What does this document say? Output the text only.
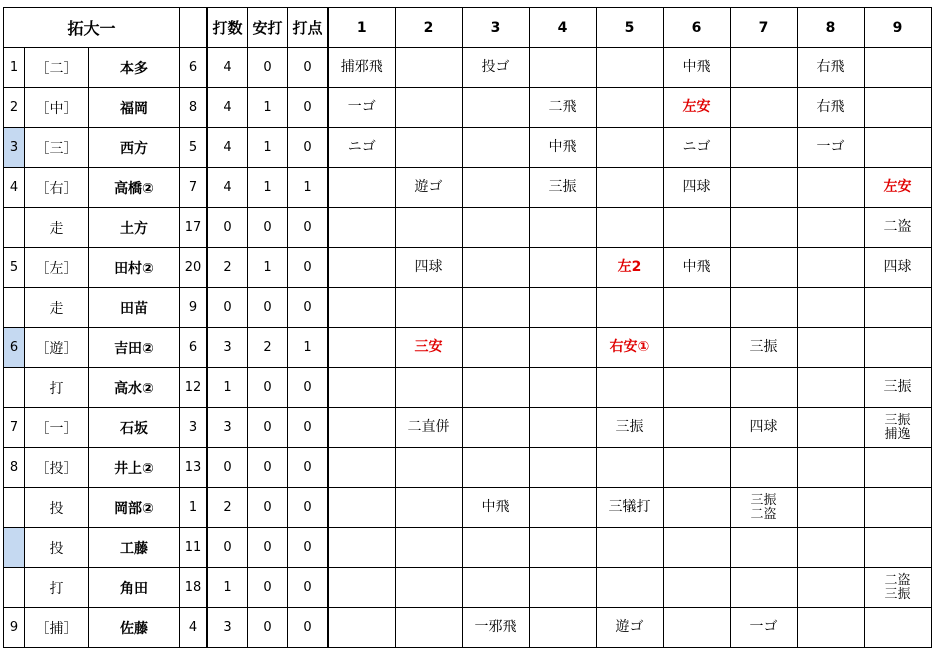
拓大一				打数	安打	打点	1	2	3	4	5	6	7	8	9
1	［二］	本多	6	4	0	0	捕邪飛		投ゴ			中飛		右飛	

2	［中］	福岡	8	4	1	0	一ゴ			二飛		左安		右飛	

3	［三］	西方	5	4	1	0	ニゴ			中飛		ニゴ		一ゴ	

4	［右］	高橋②	7	4	1	1		遊ゴ		三振		四球			左安

	走	土方	17	0	0	0									二盗

5	［左］	田村②	20	2	1	0		四球			左2	中飛			四球

	走	田苗	9	0	0	0									
6	［遊］	吉田②	6	3	2	1		三安			右安①		三振		

	打	高水②	12	1	0	0									三振

7	［一］	石坂	3	3	0	0		二直併			三振		四球		三振
捕逸

8	［投］	井上②	13	0	0	0									
	投	岡部②	1	2	0	0			中飛		三犠打		三振
二盗		

	投	工藤	11	0	0	0									
	打	角田	18	1	0	0									二盗
三振

9	［捕］	佐藤	4	3	0	0			一邪飛		遊ゴ		一ゴ		
